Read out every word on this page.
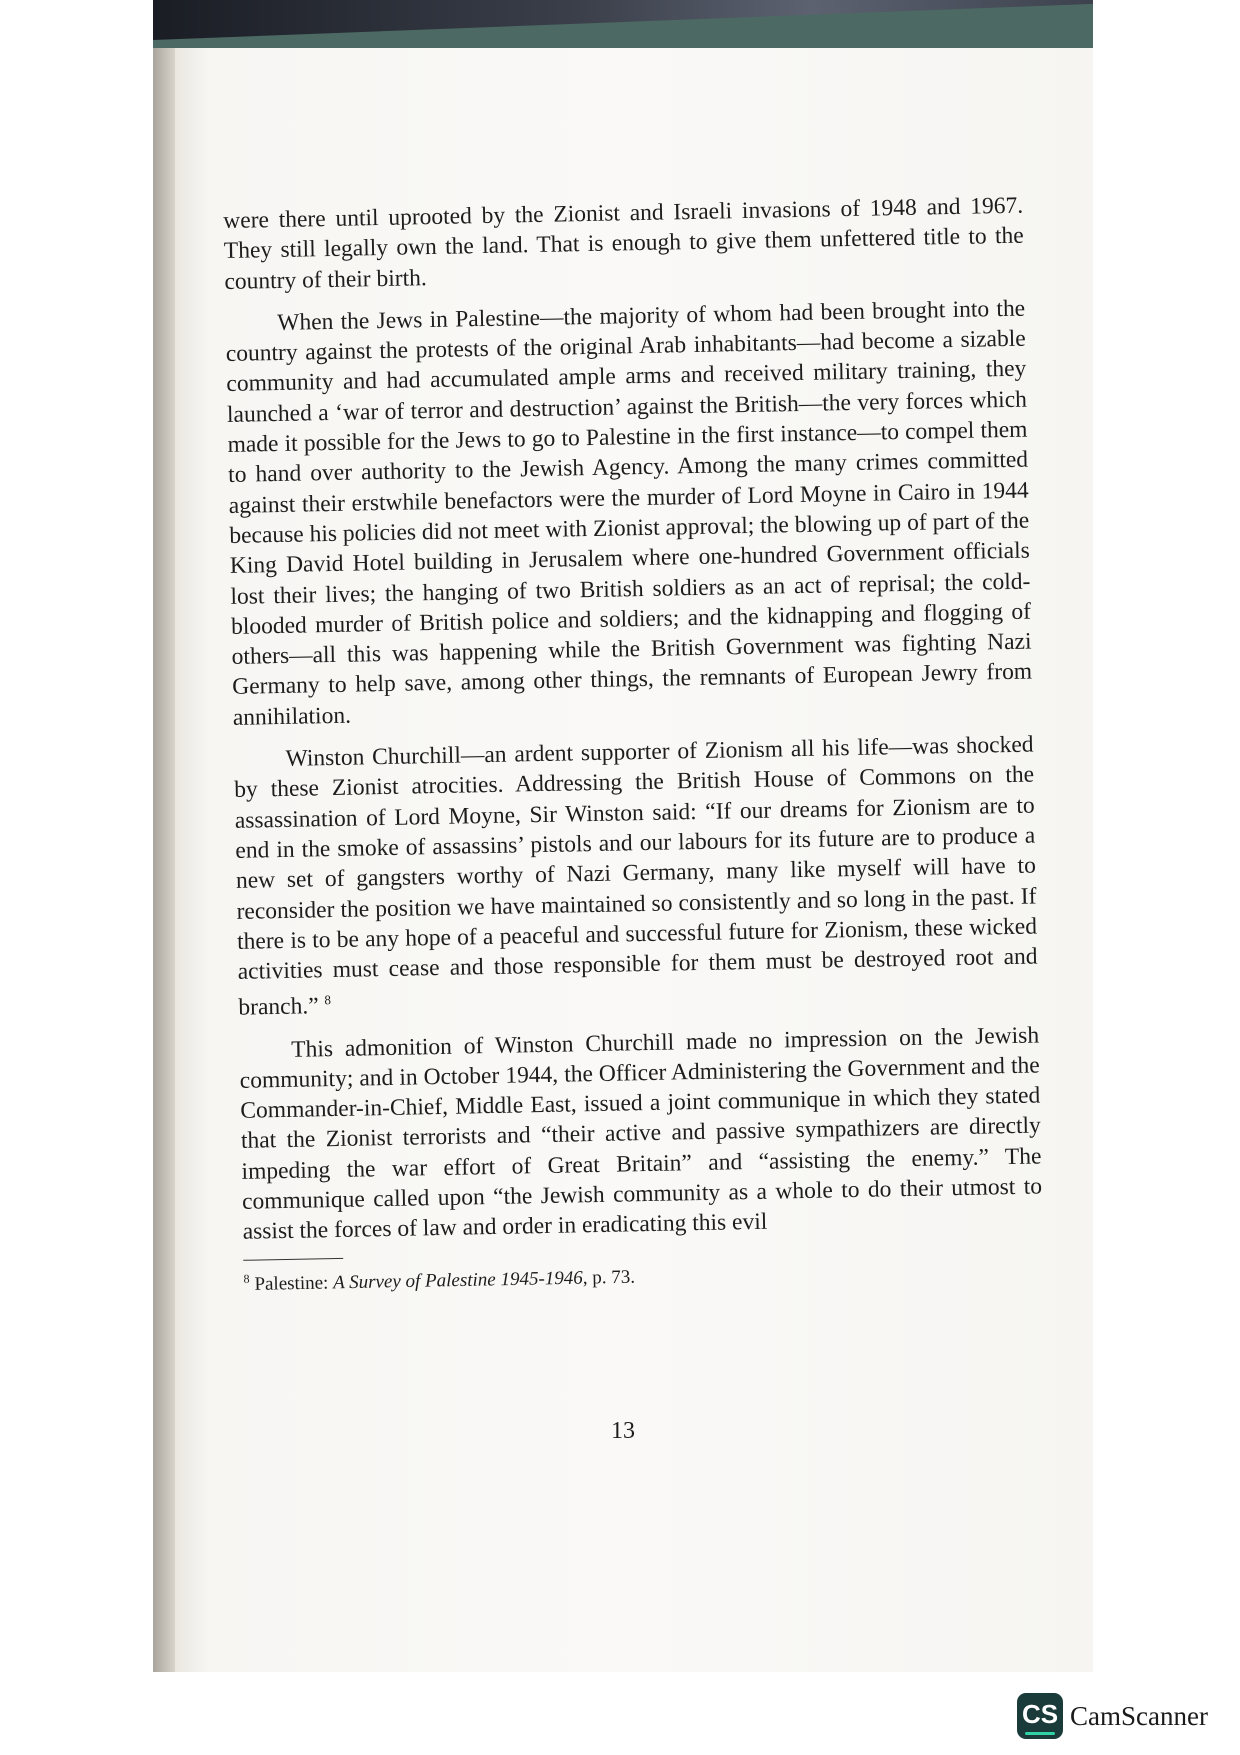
were there until uprooted by the Zionist and Israeli invasions of 1948 and 1967. They still legally own the land. That is enough to give them unfettered title to the country of their birth.

When the Jews in Palestine—the majority of whom had been brought into the country against the protests of the original Arab inhabitants—had become a sizable community and had accumulated ample arms and received military training, they launched a ‘war of terror and destruction’ against the British—the very forces which made it possible for the Jews to go to Palestine in the first instance—to compel them to hand over authority to the Jewish Agency. Among the many crimes committed against their erstwhile benefactors were the murder of Lord Moyne in Cairo in 1944 because his policies did not meet with Zionist approval; the blowing up of part of the King David Hotel building in Jerusalem where one-hundred Government officials lost their lives; the hanging of two British soldiers as an act of reprisal; the cold-blooded murder of British police and soldiers; and the kidnapping and flogging of others—all this was happening while the British Government was fighting Nazi Germany to help save, among other things, the remnants of European Jewry from annihilation.

Winston Churchill—an ardent supporter of Zionism all his life—was shocked by these Zionist atrocities. Addressing the British House of Commons on the assassination of Lord Moyne, Sir Winston said: “If our dreams for Zionism are to end in the smoke of assassins’ pistols and our labours for its future are to produce a new set of gangsters worthy of Nazi Germany, many like myself will have to reconsider the position we have maintained so consistently and so long in the past. If there is to be any hope of a peaceful and successful future for Zionism, these wicked activities must cease and those responsible for them must be destroyed root and branch.” $^8$

This admonition of Winston Churchill made no impression on the Jewish community; and in October 1944, the Officer Administering the Government and the Commander-in-Chief, Middle East, issued a joint communique in which they stated that the Zionist terrorists and “their active and passive sympathizers are directly impeding the war effort of Great Britain” and “assisting the enemy.” The communique called upon “the Jewish community as a whole to do their utmost to assist the forces of law and order in eradicating this evil

$^8$ Palestine: A Survey of Palestine 1945-1946, p. 73.

13
CS CamScanner
